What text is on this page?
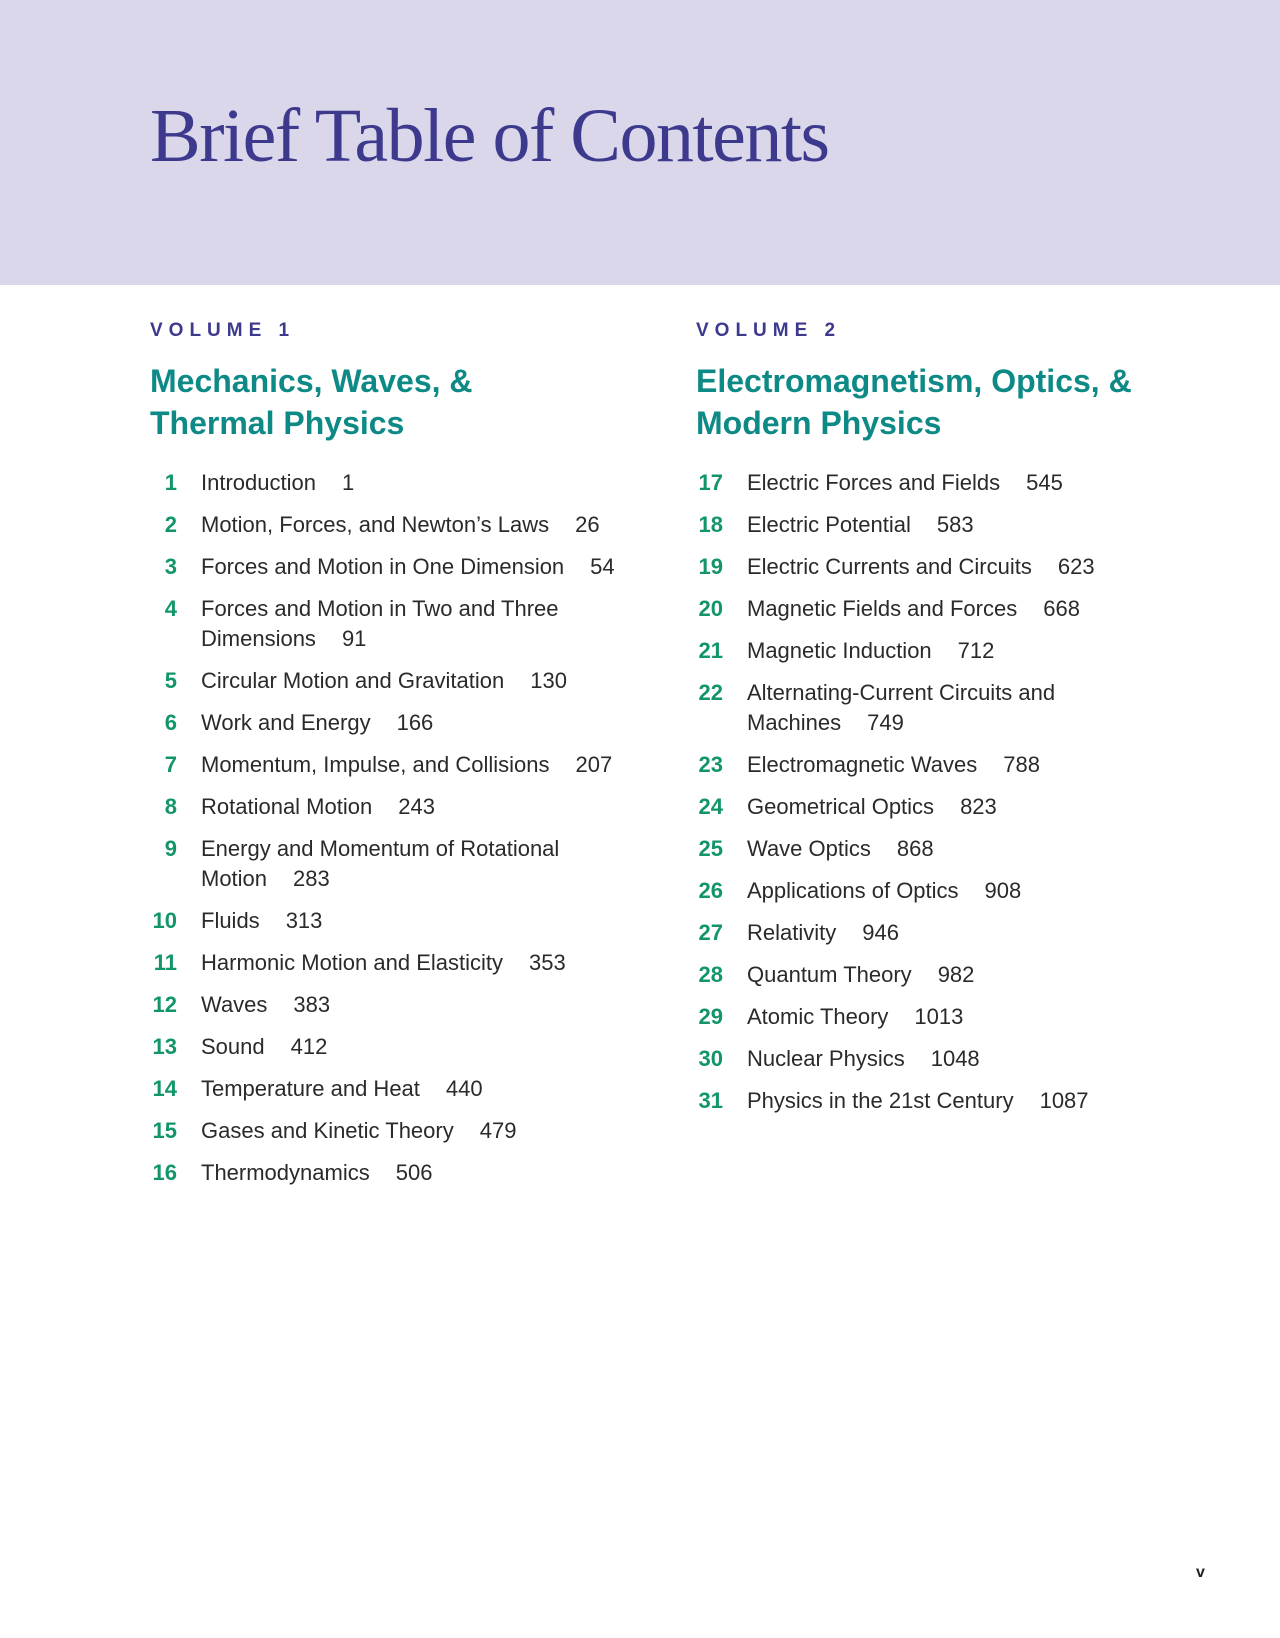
Brief Table of Contents
VOLUME 1
Mechanics, Waves, &
Thermal Physics
1 Introduction 1
2 Motion, Forces, and Newton’s Laws 26
3 Forces and Motion in One Dimension 54
4 Forces and Motion in Two and Three Dimensions 91
5 Circular Motion and Gravitation 130
6 Work and Energy 166
7 Momentum, Impulse, and Collisions 207
8 Rotational Motion 243
9 Energy and Momentum of Rotational Motion 283
10 Fluids 313
11 Harmonic Motion and Elasticity 353
12 Waves 383
13 Sound 412
14 Temperature and Heat 440
15 Gases and Kinetic Theory 479
16 Thermodynamics 506
VOLUME 2
Electromagnetism, Optics, &
Modern Physics
17 Electric Forces and Fields 545
18 Electric Potential 583
19 Electric Currents and Circuits 623
20 Magnetic Fields and Forces 668
21 Magnetic Induction 712
22 Alternating-Current Circuits and Machines 749
23 Electromagnetic Waves 788
24 Geometrical Optics 823
25 Wave Optics 868
26 Applications of Optics 908
27 Relativity 946
28 Quantum Theory 982
29 Atomic Theory 1013
30 Nuclear Physics 1048
31 Physics in the 21st Century 1087
v
